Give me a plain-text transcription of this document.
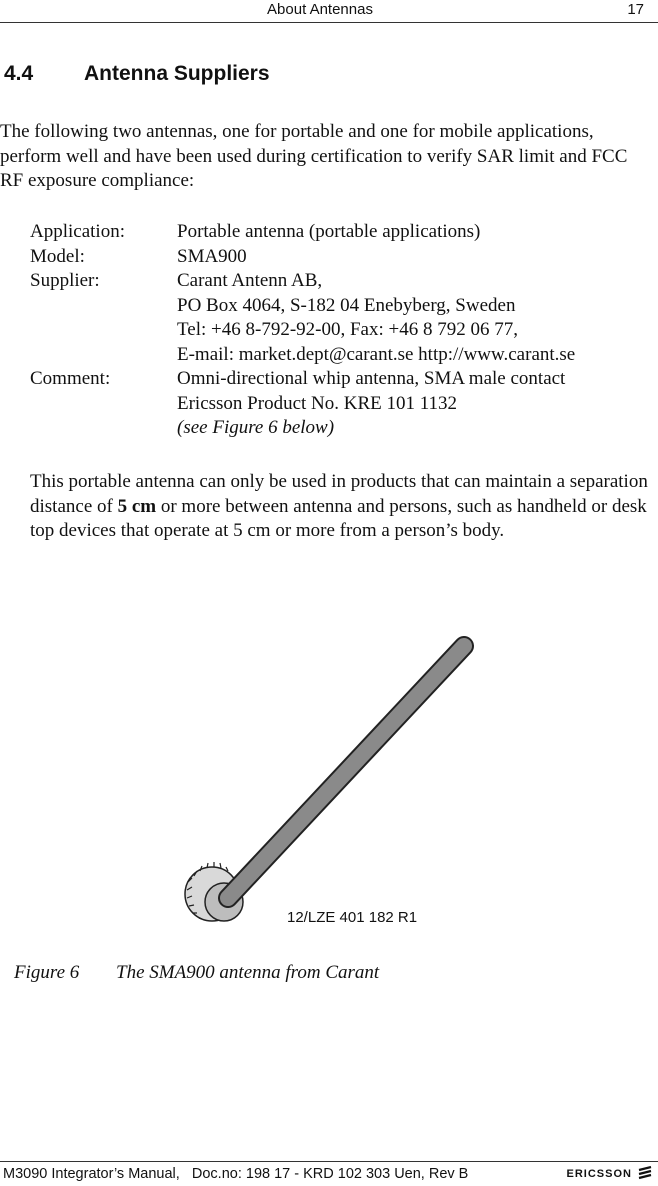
About Antennas	17
4.4 Antenna Suppliers
The following two antennas, one for portable and one for mobile applications, perform well and have been used during certification to verify SAR limit and FCC RF exposure compliance:
Application:	Portable antenna (portable applications)
Model:	SMA900
Supplier:	Carant Antenn AB,
PO Box 4064, S-182 04 Enebyberg, Sweden
Tel: +46 8-792-92-00, Fax: +46 8 792 06 77,
E-mail: market.dept@carant.se http://www.carant.se
Comment:	Omni-directional whip antenna, SMA male contact
Ericsson Product No. KRE 101 1132
(see Figure 6 below)
This portable antenna can only be used in products that can maintain a separation distance of 5 cm or more between antenna and persons, such as handheld or desk top devices that operate at 5 cm or more from a person’s body.
12/LZE 401 182 R1
Figure 6 The SMA900 antenna from Carant
M3090 Integrator’s Manual,   Doc.no: 198 17 - KRD 102 303 Uen, Rev B	ERICSSON
